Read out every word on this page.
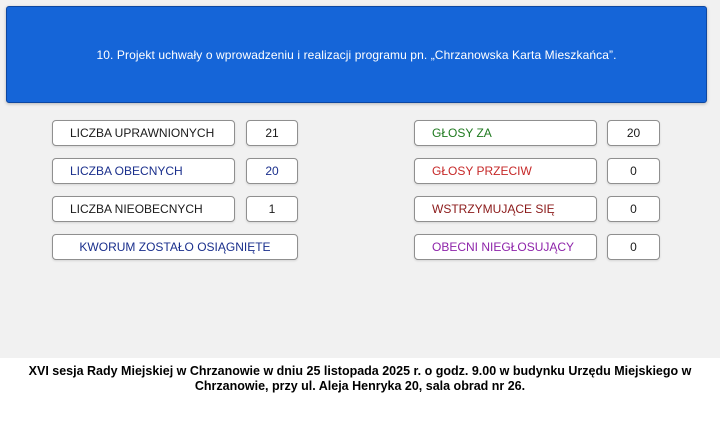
10. Projekt uchwały o wprowadzeniu i realizacji programu pn. „Chrzanowska Karta Mieszkańca”.
LICZBA UPRAWNIONYCH	21
LICZBA OBECNYCH	20
LICZBA NIEOBECNYCH	1
KWORUM ZOSTAŁO OSIĄGNIĘTE
GŁOSY ZA	20
GŁOSY PRZECIW	0
WSTRZYMUJĄCE SIĘ	0
OBECNI NIEGŁOSUJĄCY	0
XVI sesja Rady Miejskiej w Chrzanowie w dniu 25 listopada 2025 r. o godz. 9.00 w budynku Urzędu Miejskiego w
Chrzanowie, przy ul. Aleja Henryka 20, sala obrad nr 26.
